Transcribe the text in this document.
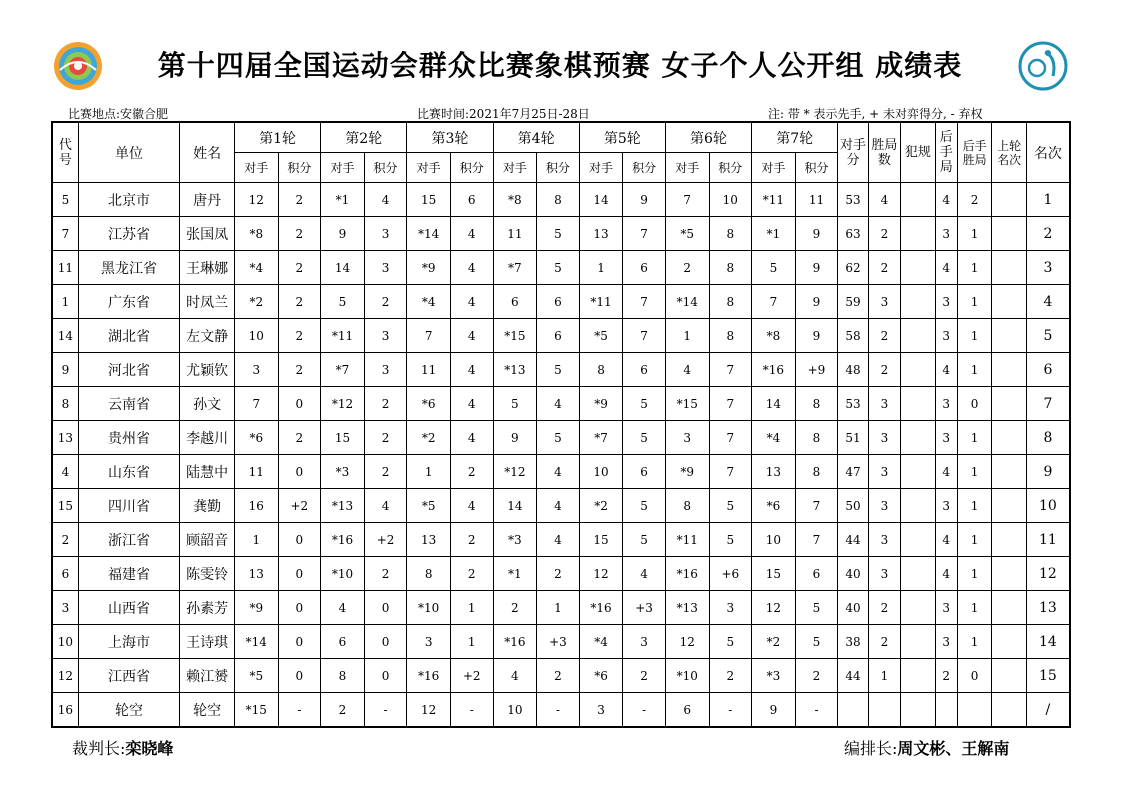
第十四届全国运动会群众比赛象棋预赛 女子个人公开组 成绩表
比赛地点:安徽合肥	比赛时间:2021年7月25日-28日	注: 带 * 表示先手, + 未对弈得分, - 弃权
代号	单位	姓名	第1轮		第2轮		第3轮		第4轮		第5轮		第6轮		第7轮		对手分	胜局数	犯规	后手局	后手胜局	上轮名次	名次
			对手	积分	对手	积分	对手	积分	对手	积分	对手	积分	对手	积分	对手	积分							
5	北京市	唐丹	12	2	*1	4	15	6	*8	8	14	9	7	10	*11	11	53	4		4	2		1
7	江苏省	张国凤	*8	2	9	3	*14	4	11	5	13	7	*5	8	*1	9	63	2		3	1		2
11	黑龙江省	王琳娜	*4	2	14	3	*9	4	*7	5	1	6	2	8	5	9	62	2		4	1		3
1	广东省	时凤兰	*2	2	5	2	*4	4	6	6	*11	7	*14	8	7	9	59	3		3	1		4
14	湖北省	左文静	10	2	*11	3	7	4	*15	6	*5	7	1	8	*8	9	58	2		3	1		5
9	河北省	尤颖钦	3	2	*7	3	11	4	*13	5	8	6	4	7	*16	+9	48	2		4	1		6
8	云南省	孙文	7	0	*12	2	*6	4	5	4	*9	5	*15	7	14	8	53	3		3	0		7
13	贵州省	李越川	*6	2	15	2	*2	4	9	5	*7	5	3	7	*4	8	51	3		3	1		8
4	山东省	陆慧中	11	0	*3	2	1	2	*12	4	10	6	*9	7	13	8	47	3		4	1		9
15	四川省	龚勤	16	+2	*13	4	*5	4	14	4	*2	5	8	5	*6	7	50	3		3	1		10
2	浙江省	顾韶音	1	0	*16	+2	13	2	*3	4	15	5	*11	5	10	7	44	3		4	1		11
6	福建省	陈雯铃	13	0	*10	2	8	2	*1	2	12	4	*16	+6	15	6	40	3		4	1		12
3	山西省	孙素芳	*9	0	4	0	*10	1	2	1	*16	+3	*13	3	12	5	40	2		3	1		13
10	上海市	王诗琪	*14	0	6	0	3	1	*16	+3	*4	3	12	5	*2	5	38	2		3	1		14
12	江西省	赖江赟	*5	0	8	0	*16	+2	4	2	*6	2	*10	2	*3	2	44	1		2	0		15
16	轮空	轮空	*15	-	2	-	12	-	10	-	3	-	6	-	9	-							/
裁判长:栾晓峰	编排长:周文彬、王解南
